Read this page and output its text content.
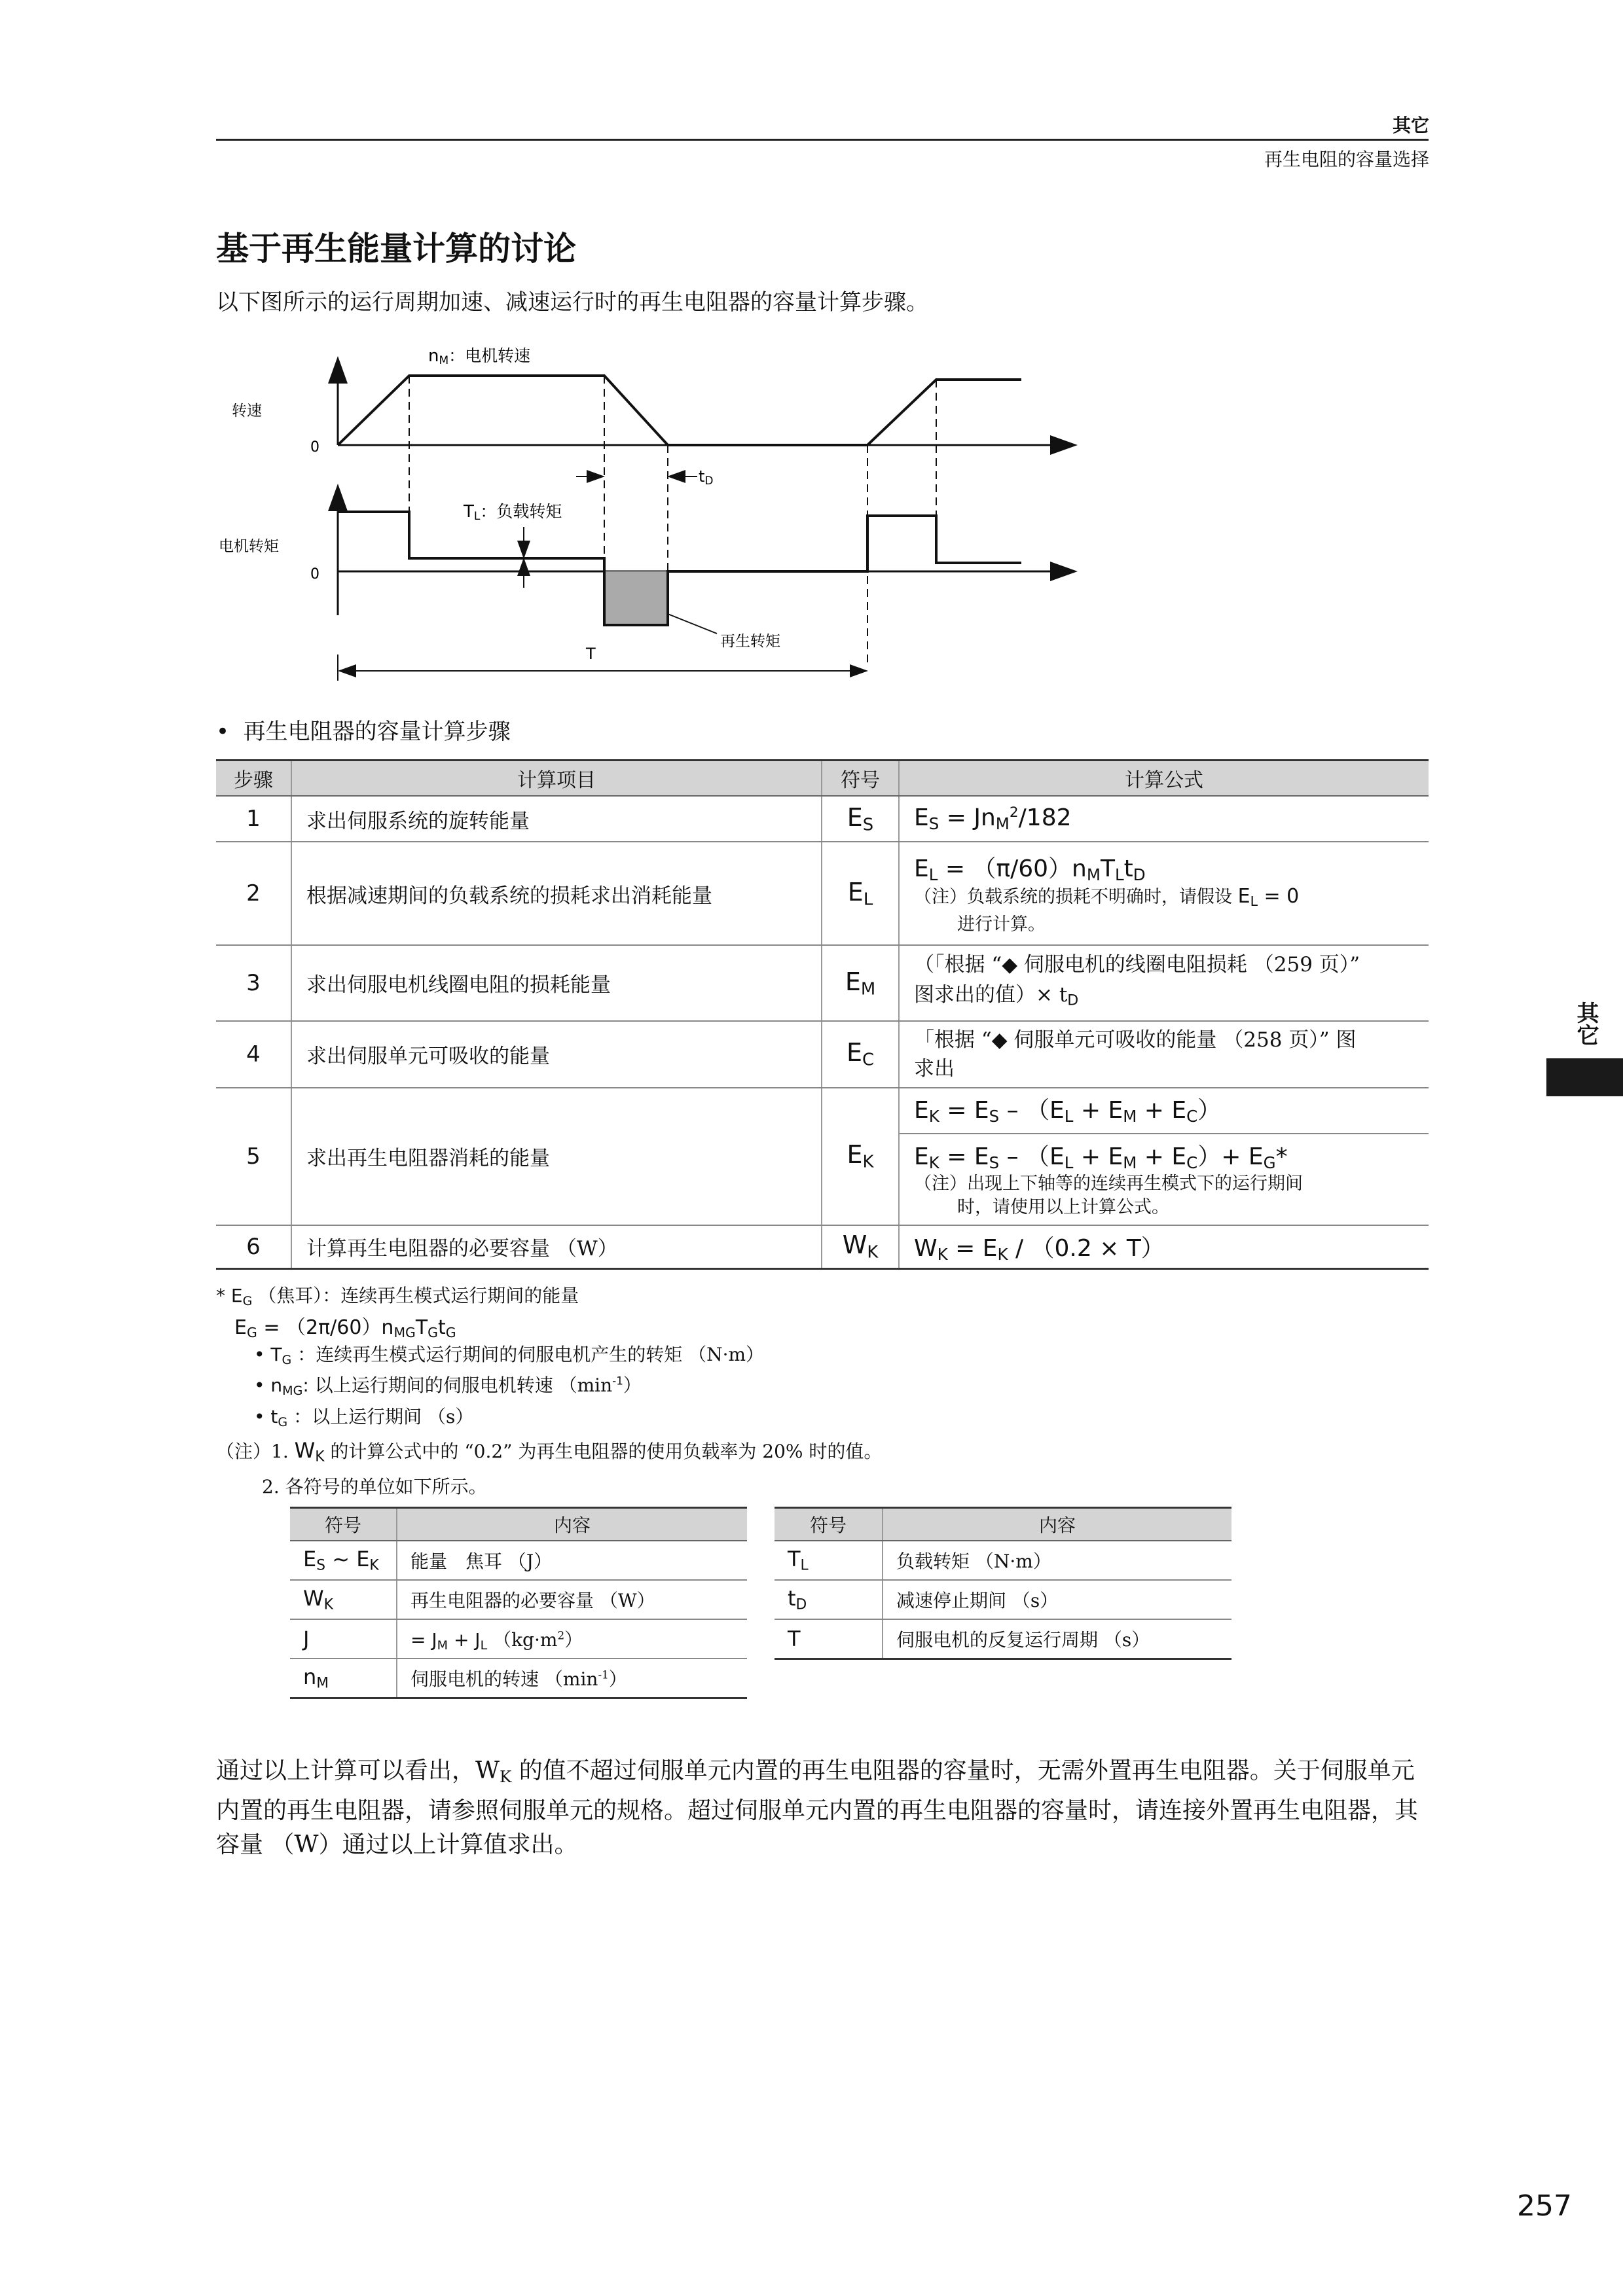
其它
再生电阻的容量选择
基于再生能量计算的讨论
以下图所示的运行周期加速、减速运行时的再生电阻器的容量计算步骤。
转速
0
电机转矩
0
nM：电机转速
tD
TL：负载转矩
再生转矩
T
•  再生电阻器的容量计算步骤
步骤	计算项目	符号	计算公式
1	求出伺服系统的旋转能量	$E_S$	$E_S = Jn_M^2/182$
2	根据减速期间的负载系统的损耗求出消耗能量	$E_L$	$E_L = (\pi/60)n_MT_Lt_D$
（注）负载系统的损耗不明确时，请假设 $E_L = 0$
进行计算。

3	求出伺服电机线圈电阻的损耗能量	$E_M$	（「根据 “◆ 伺服电机的线圈电阻损耗 （259 页）”
图求出的值）× $t_D$
4	求出伺服单元可吸收的能量	$E_C$	「根据 “◆ 伺服单元可吸收的能量 （258 页）” 图
求出
5	求出再生电阻器消耗的能量	$E_K$	$E_K = E_S - (E_L + E_M + E_C)$
$E_K = E_S - (E_L + E_M + E_C)+ E_G*$
（注）出现上下轴等的连续再生模式下的运行期间
时，请使用以上计算公式。

6	计算再生电阻器的必要容量 （W）	$W_K$	$W_K = E_K / (0.2 \times T)$
* $E_G$ （焦耳）：连续再生模式运行期间的能量
$E_G = (2\pi/60)n_{MG}T_Gt_G$
• $T_G$ ：连续再生模式运行期间的伺服电机产生的转矩 （N·m）
• $n_{MG}$: 以上运行期间的伺服电机转速 $(\min^{-1})$
• $t_G$ ：以上运行期间 （s）
（注）1. $W_K$ 的计算公式中的 “0.2” 为再生电阻器的使用负载率为 20% 时的值。
2. 各符号的单位如下所示。
符号	内容
$E_S$ ~ $E_K$	能量　焦耳 （J）
$W_K$	再生电阻器的必要容量 （W）
J	= $J_M + J_L$ $(kg\cdot m^2)$
$n_M$	伺服电机的转速 $(\min^{-1})$
符号	内容
$T_L$	负载转矩 （N·m）
$t_D$	减速停止期间 （s）
T	伺服电机的反复运行周期 （s）
通过以上计算可以看出，$W_K$ 的值不超过伺服单元内置的再生电阻器的容量时，无需外置再生电阻器。关于伺服单元内置的再生电阻器，请参照伺服单元的规格。超过伺服单元内置的再生电阻器的容量时，请连接外置再生电阻器，其容量 （W）通过以上计算值求出。
其它
257
